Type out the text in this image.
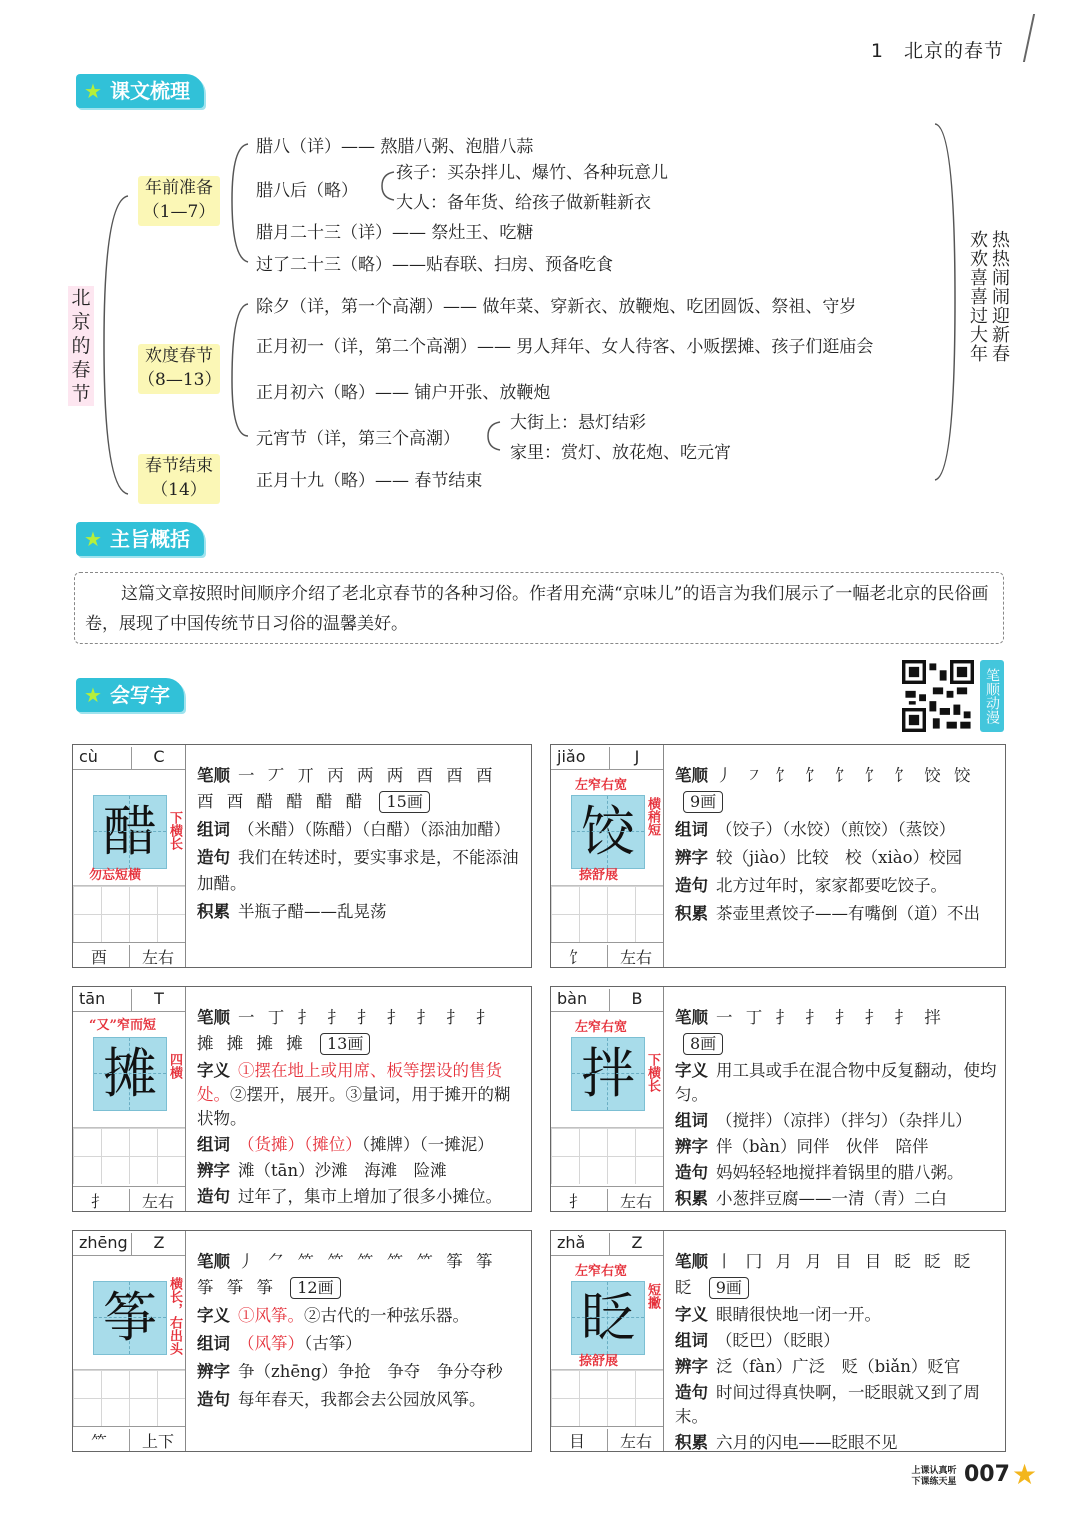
1　北京的春节
★ 课文梳理
北京的春节
年前准备
（1—7）
欢度春节
（8—13）
春节结束
（14）
腊八（详）—— 熬腊八粥、泡腊八蒜
腊八后（略）
孩子：买杂拌儿、爆竹、各种玩意儿
大人：备年货、给孩子做新鞋新衣
腊月二十三（详）—— 祭灶王、吃糖
过了二十三（略）——贴春联、扫房、预备吃食
除夕（详，第一个高潮）—— 做年菜、穿新衣、放鞭炮、吃团圆饭、祭祖、守岁
正月初一（详，第二个高潮）—— 男人拜年、女人待客、小贩摆摊、孩子们逛庙会
正月初六（略）—— 铺户开张、放鞭炮
元宵节（详，第三个高潮）
大街上：悬灯结彩
家里：赏灯、放花炮、吃元宵
正月十九（略）—— 春节结束
欢欢喜喜过大年 热热闹闹迎新春
★ 主旨概括
这篇文章按照时间顺序介绍了老北京春节的各种习俗。作者用充满“京味儿”的语言为我们展示了一幅老北京的民俗画卷，展现了中国传统节日习俗的温馨美好。
★ 会写字	笔顺动漫
cù	C
醋 下横长
勿忘短横
酉	左右
笔顺 一 丆 丌 丙 两 两 酉 酉 酉 酉 酉 醋 醋 醋 醋 15画
组词 （米醋）（陈醋）（白醋）（添油加醋）
造句 我们在转述时，要实事求是，不能添油加醋。
积累 半瓶子醋——乱晃荡
jiǎo	J
左窄右宽
饺 横稍短
捺舒展
饣	左右
笔顺 丿 ㇇ 饣 饣 饣 饣 饣 饺 饺 9画
组词 （饺子）（水饺）（煎饺）（蒸饺）
辨字 较（jiào）比较　校（xiào）校园
造句 北方过年时，家家都要吃饺子。
积累 茶壶里煮饺子——有嘴倒（道）不出
tān	T
“又”窄而短
摊 四横
扌	左右
笔顺 一 丁 扌 扌 扌 扌 扌 扌 扌 摊 摊 摊 摊 13画
字义 ①摆在地上或用席、板等摆设的售货处。②摆开，展开。③量词，用于摊开的糊状物。
组词 （货摊）（摊位）（摊牌）（一摊泥）
辨字 滩（tān）沙滩　海滩　险滩
造句 过年了，集市上增加了很多小摊位。
bàn	B
左窄右宽
拌 下横长
扌	左右
笔顺 一 丁 扌 扌 扌 扌 扌 拌 8画
字义 用工具或手在混合物中反复翻动，使均匀。
组词 （搅拌）（凉拌）（拌匀）（杂拌儿）
辨字 伴（bàn）同伴　伙伴　陪伴
造句 妈妈轻轻地搅拌着锅里的腊八粥。
积累 小葱拌豆腐——一清（青）二白
zhēng	Z
筝 横长，右出头
⺮	上下
笔顺 丿 ⺈ ⺮ ⺮ ⺮ ⺮ ⺮ 筝 筝 筝 筝 筝 12画
字义 ①风筝。②古代的一种弦乐器。
组词 （风筝）（古筝）
辨字 争（zhēng）争抢　争夺　争分夺秒
造句 每年春天，我都会去公园放风筝。
zhǎ	Z
左窄右宽
眨 短撇
捺舒展
目	左右
笔顺 丨 冂 月 月 目 目 眨 眨 眨 眨 9画
字义 眼睛很快地一闭一开。
组词 （眨巴）（眨眼）
辨字 泛（fàn）广泛　贬（biǎn）贬官
造句 时间过得真快啊，一眨眼就又到了周末。
积累 六月的闪电——眨眼不见
上课认真听 下课练天星 007 ★
